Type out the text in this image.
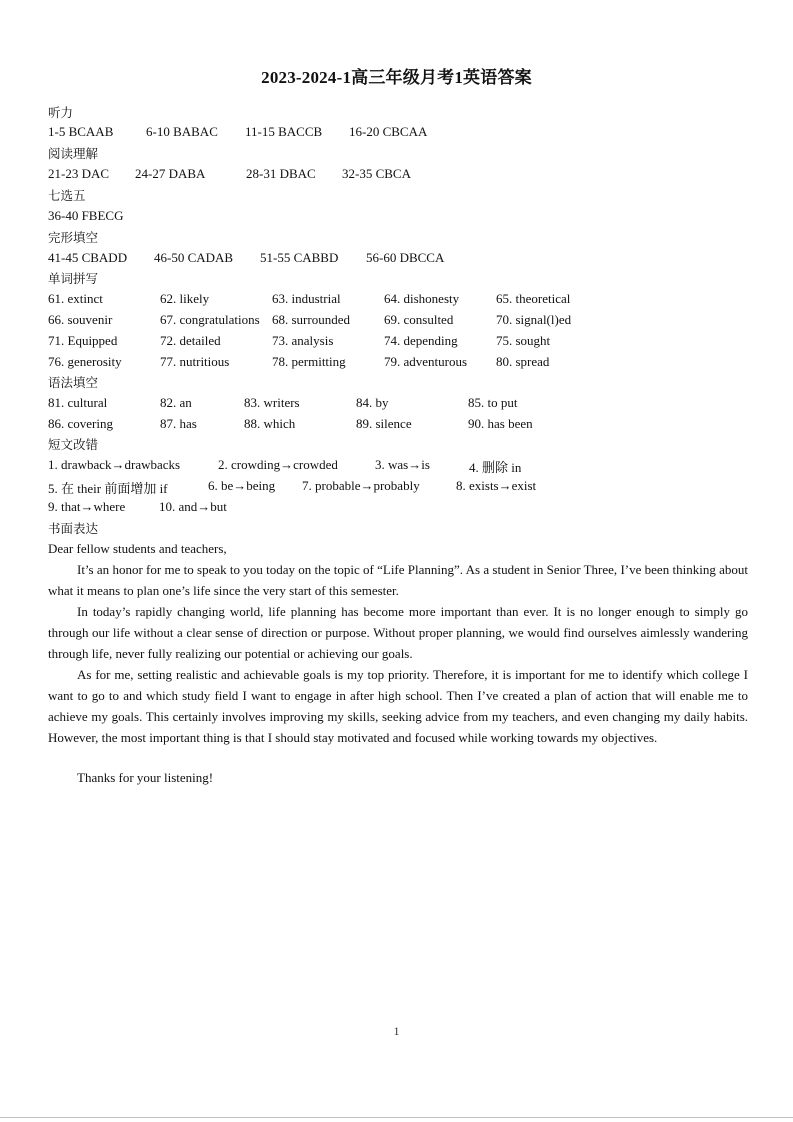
2023-2024-1高三年级月考1英语答案
听力
1-5 BCAAB	6-10 BABAC 11-15 BACCB 16-20 CBCAA
阅读理解
21-23 DAC 24-27 DABA	28-31 DBAC 32-35 CBCA
七选五
36-40 FBECG
完形填空
41-45 CBADD 46-50 CADAB 51-55 CABBD 56-60 DBCCA
单词拼写
61. extinct	62. likely	63. industrial	64. dishonesty	65. theoretical
66. souvenir	67. congratulations 68. surrounded	69. consulted	70. signal(l)ed
71. Equipped	72. detailed	73. analysis	74. depending	75. sought
76. generosity	77. nutritious	78. permitting	79. adventurous 80. spread
语法填空
81. cultural	82. an	83. writers	84. by	85. to put
86. covering	87. has	88. which	89. silence	90. has been
短文改错
1. drawback→drawbacks	2. crowding→crowded	3. was→is	4. 删除 in
5. 在 their 前面增加 if	6. be→being 7. probable→probably	8. exists→exist
9. that→where	10. and→but
书面表达
Dear fellow students and teachers,
It’s an honor for me to speak to you today on the topic of “Life Planning”. As a student in Senior Three, I’ve been thinking about what it means to plan one’s life since the very start of this semester.
In today’s rapidly changing world, life planning has become more important than ever. It is no longer enough to simply go through our life without a clear sense of direction or purpose. Without proper planning, we would find ourselves aimlessly wandering through life, never fully realizing our potential or achieving our goals.
As for me, setting realistic and achievable goals is my top priority. Therefore, it is important for me to identify which college I want to go to and which study field I want to engage in after high school. Then I’ve created a plan of action that will enable me to achieve my goals. This certainly involves improving my skills, seeking advice from my teachers, and even changing my daily habits. However, the most important thing is that I should stay motivated and focused while working towards my objectives.
Thanks for your listening!
1
